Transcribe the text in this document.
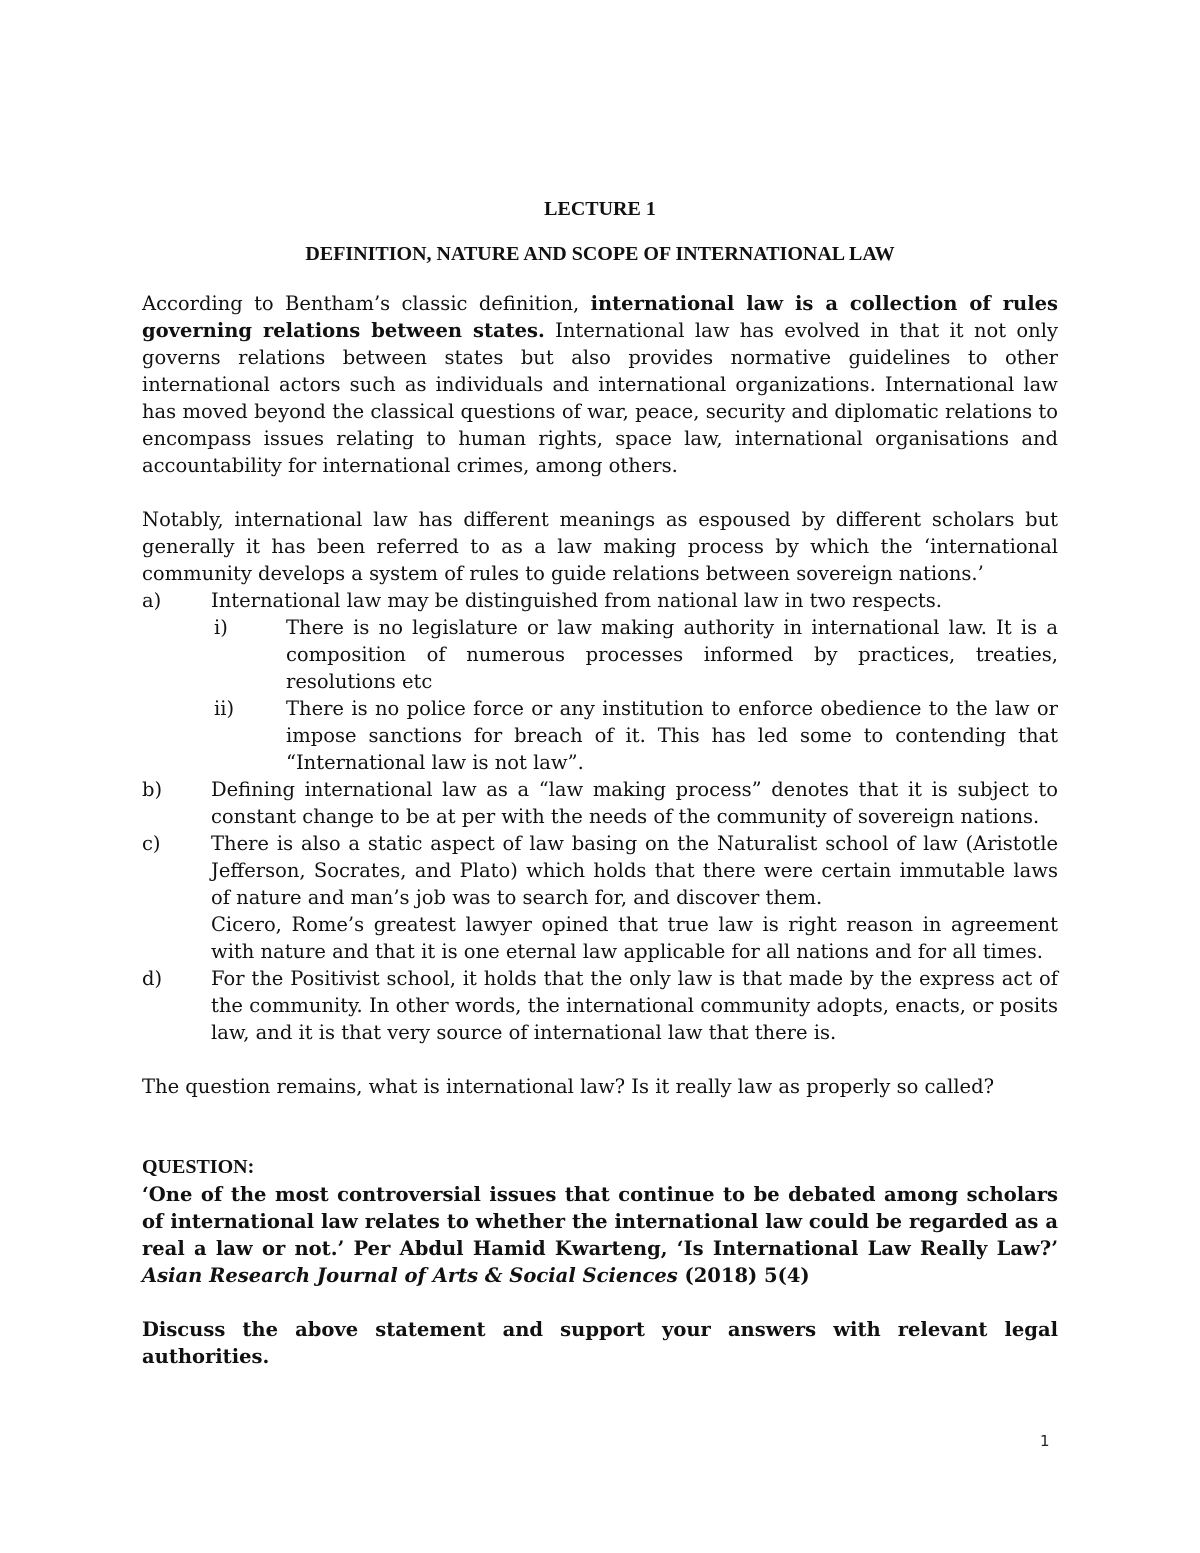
LECTURE 1
DEFINITION, NATURE AND SCOPE OF INTERNATIONAL LAW

According to Bentham’s classic definition, international law is a collection of rules governing relations between states. International law has evolved in that it not only governs relations between states but also provides normative guidelines to other international actors such as individuals and international organizations. International law has moved beyond the classical questions of war, peace, security and diplomatic relations to encompass issues relating to human rights, space law, international organisations and accountability for international crimes, among others.

Notably, international law has different meanings as espoused by different scholars but generally it has been referred to as a law making process by which the ‘international community develops a system of rules to guide relations between sovereign nations.’

a)	International law may be distinguished from national law in two respects.
i)	There is no legislature or law making authority in international law. It is a composition of numerous processes informed by practices, treaties, resolutions etc
ii)	There is no police force or any institution to enforce obedience to the law or impose sanctions for breach of it. This has led some to contending that “International law is not law”.
b)	Defining international law as a “law making process” denotes that it is subject to constant change to be at per with the needs of the community of sovereign nations.
c)	There is also a static aspect of law basing on the Naturalist school of law (Aristotle Jefferson, Socrates, and Plato) which holds that there were certain immutable laws of nature and man’s job was to search for, and discover them.
Cicero, Rome’s greatest lawyer opined that true law is right reason in agreement with nature and that it is one eternal law applicable for all nations and for all times.
d)	For the Positivist school, it holds that the only law is that made by the express act of the community. In other words, the international community adopts, enacts, or posits law, and it is that very source of international law that there is.

The question remains, what is international law? Is it really law as properly so called?

QUESTION:

‘One of the most controversial issues that continue to be debated among scholars of international law relates to whether the international law could be regarded as a real a law or not.’ Per Abdul Hamid Kwarteng, ‘Is International Law Really Law?’ Asian Research Journal of Arts & Social Sciences (2018) 5(4)

Discuss the above statement and support your answers with relevant legal authorities.

1
